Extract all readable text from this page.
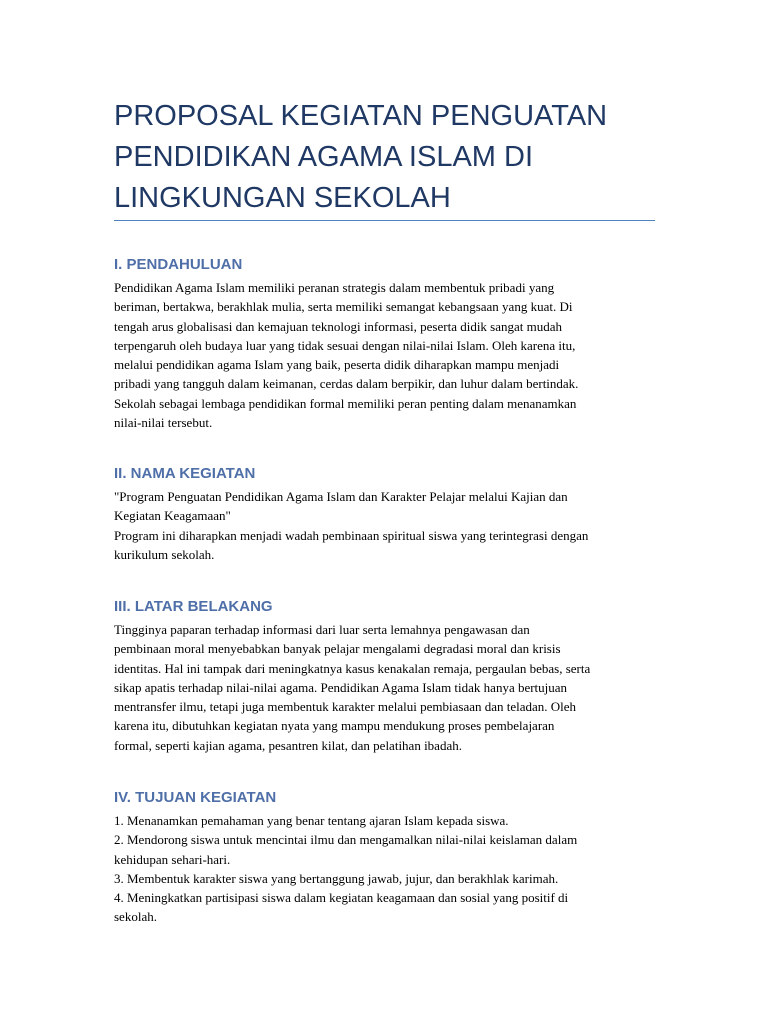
PROPOSAL KEGIATAN PENGUATAN
PENDIDIKAN AGAMA ISLAM DI
LINGKUNGAN SEKOLAH
I. PENDAHULUAN
Pendidikan Agama Islam memiliki peranan strategis dalam membentuk pribadi yang
beriman, bertakwa, berakhlak mulia, serta memiliki semangat kebangsaan yang kuat. Di
tengah arus globalisasi dan kemajuan teknologi informasi, peserta didik sangat mudah
terpengaruh oleh budaya luar yang tidak sesuai dengan nilai-nilai Islam. Oleh karena itu,
melalui pendidikan agama Islam yang baik, peserta didik diharapkan mampu menjadi
pribadi yang tangguh dalam keimanan, cerdas dalam berpikir, dan luhur dalam bertindak.
Sekolah sebagai lembaga pendidikan formal memiliki peran penting dalam menanamkan
nilai-nilai tersebut.
II. NAMA KEGIATAN
"Program Penguatan Pendidikan Agama Islam dan Karakter Pelajar melalui Kajian dan
Kegiatan Keagamaan"
Program ini diharapkan menjadi wadah pembinaan spiritual siswa yang terintegrasi dengan
kurikulum sekolah.
III. LATAR BELAKANG
Tingginya paparan terhadap informasi dari luar serta lemahnya pengawasan dan
pembinaan moral menyebabkan banyak pelajar mengalami degradasi moral dan krisis
identitas. Hal ini tampak dari meningkatnya kasus kenakalan remaja, pergaulan bebas, serta
sikap apatis terhadap nilai-nilai agama. Pendidikan Agama Islam tidak hanya bertujuan
mentransfer ilmu, tetapi juga membentuk karakter melalui pembiasaan dan teladan. Oleh
karena itu, dibutuhkan kegiatan nyata yang mampu mendukung proses pembelajaran
formal, seperti kajian agama, pesantren kilat, dan pelatihan ibadah.
IV. TUJUAN KEGIATAN
1. Menanamkan pemahaman yang benar tentang ajaran Islam kepada siswa.
2. Mendorong siswa untuk mencintai ilmu dan mengamalkan nilai-nilai keislaman dalam
kehidupan sehari-hari.
3. Membentuk karakter siswa yang bertanggung jawab, jujur, dan berakhlak karimah.
4. Meningkatkan partisipasi siswa dalam kegiatan keagamaan dan sosial yang positif di
sekolah.
